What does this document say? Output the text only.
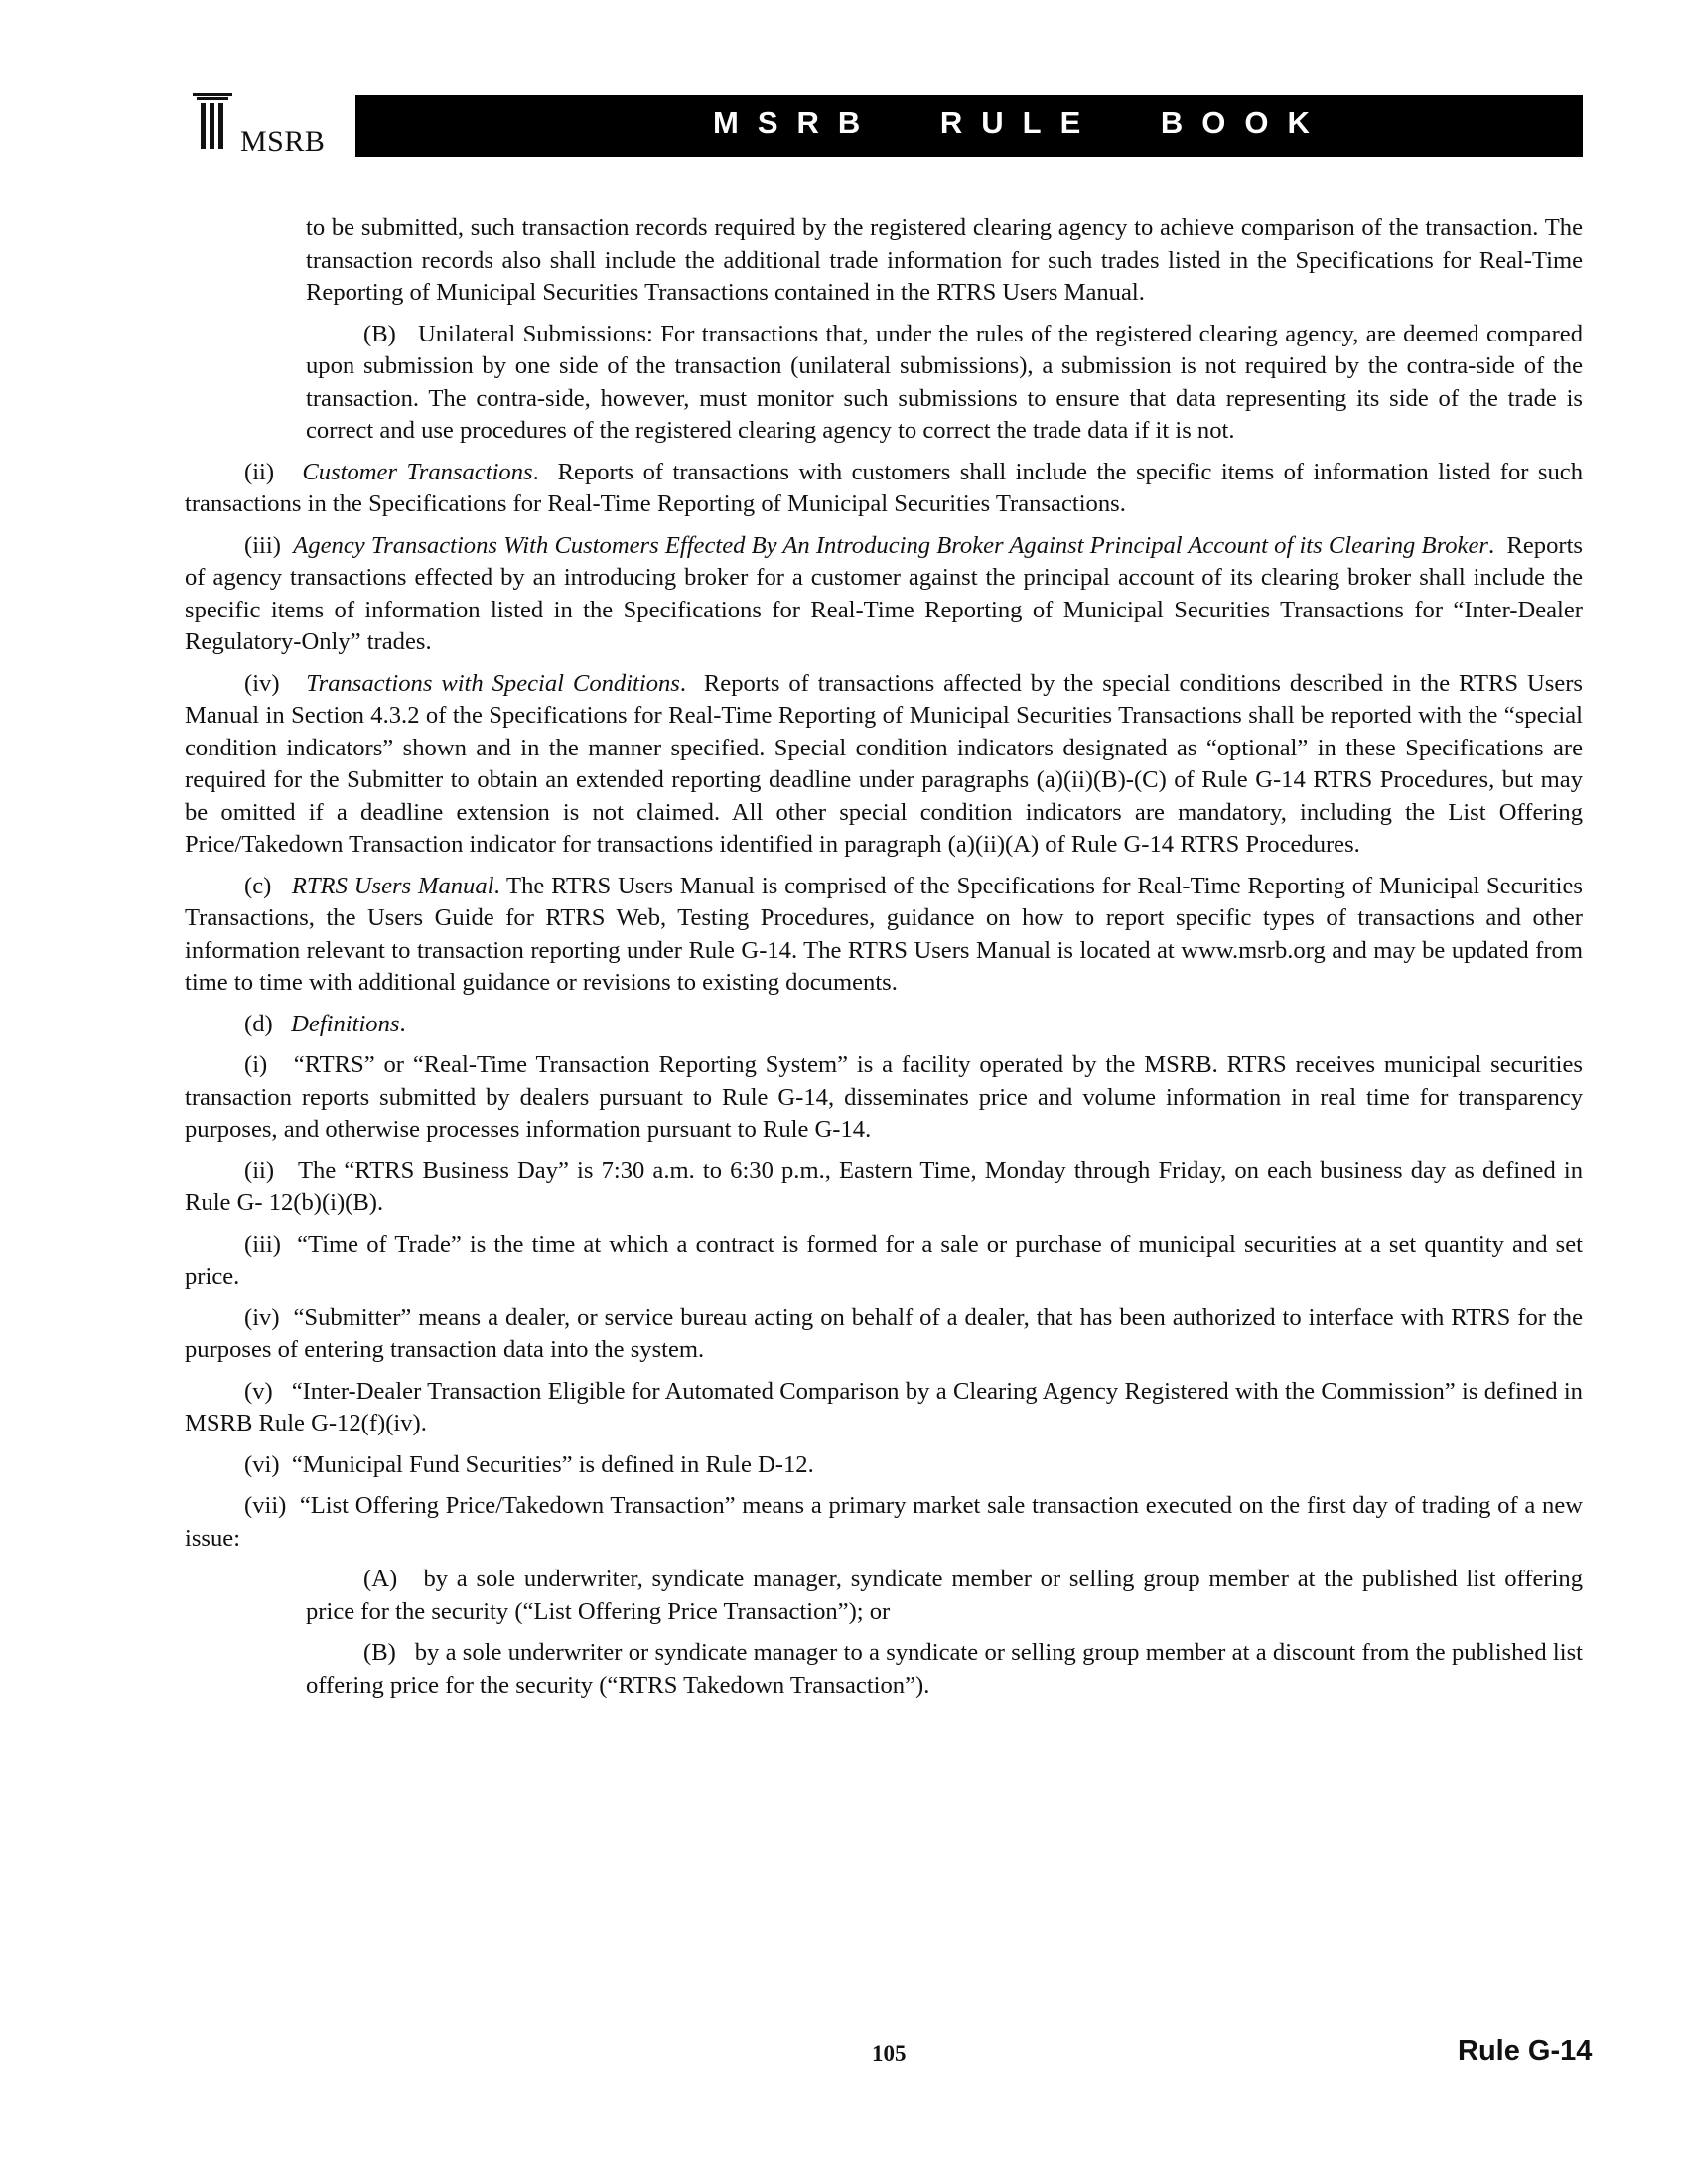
MSRB
MSRB RULE BOOK

to be submitted, such transaction records required by the registered clearing agency to achieve comparison of the transaction. The transaction records also shall include the additional trade information for such trades listed in the Specifications for Real-Time Reporting of Municipal Securities Transactions contained in the RTRS Users Manual.

(B) Unilateral Submissions: For transactions that, under the rules of the registered clearing agency, are deemed compared upon submission by one side of the transaction (unilateral submissions), a submission is not required by the contra-side of the transaction. The contra-side, however, must monitor such submissions to ensure that data representing its side of the trade is correct and use procedures of the registered clearing agency to correct the trade data if it is not.

(ii) Customer Transactions.  Reports of transactions with customers shall include the specific items of information listed for such transactions in the Specifications for Real-Time Reporting of Municipal Securities Transactions.

(iii) Agency Transactions With Customers Effected By An Introducing Broker Against Principal Account of its Clearing Broker.  Reports of agency transactions effected by an introducing broker for a customer against the principal account of its clearing broker shall include the specific items of information listed in the Specifications for Real-Time Reporting of Municipal Securities Transactions for “Inter-Dealer Regulatory-Only” trades.

(iv) Transactions with Special Conditions.  Reports of transactions affected by the special conditions described in the RTRS Users Manual in Section 4.3.2 of the Specifications for Real-Time Reporting of Municipal Securities Transactions shall be reported with the “special condition indicators” shown and in the manner specified. Special condition indicators designated as “optional” in these Specifications are required for the Submitter to obtain an extended reporting deadline under paragraphs (a)(ii)(B)-(C) of Rule G-14 RTRS Procedures, but may be omitted if a deadline extension is not claimed. All other special condition indicators are mandatory, including the List Offering Price/Takedown Transaction indicator for transactions identified in paragraph (a)(ii)(A) of Rule G-14 RTRS Procedures.

(c) RTRS Users Manual. The RTRS Users Manual is comprised of the Specifications for Real-Time Reporting of Municipal Securities Transactions, the Users Guide for RTRS Web, Testing Procedures, guidance on how to report specific types of transactions and other information relevant to transaction reporting under Rule G-14. The RTRS Users Manual is located at www.msrb.org and may be updated from time to time with additional guidance or revisions to existing documents.

(d) Definitions.

(i) “RTRS” or “Real-Time Transaction Reporting System” is a facility operated by the MSRB. RTRS receives municipal securities transaction reports submitted by dealers pursuant to Rule G-14, disseminates price and volume information in real time for transparency purposes, and otherwise processes information pursuant to Rule G-14.

(ii) The “RTRS Business Day” is 7:30 a.m. to 6:30 p.m., Eastern Time, Monday through Friday, on each business day as defined in Rule G- 12(b)(i)(B).

(iii) “Time of Trade” is the time at which a contract is formed for a sale or purchase of municipal securities at a set quantity and set price.

(iv) “Submitter” means a dealer, or service bureau acting on behalf of a dealer, that has been authorized to interface with RTRS for the purposes of entering transaction data into the system.

(v) “Inter-Dealer Transaction Eligible for Automated Comparison by a Clearing Agency Registered with the Commission” is defined in MSRB Rule G-12(f)(iv).

(vi) “Municipal Fund Securities” is defined in Rule D-12.

(vii) “List Offering Price/Takedown Transaction” means a primary market sale transaction executed on the first day of trading of a new issue:

(A) by a sole underwriter, syndicate manager, syndicate member or selling group member at the published list offering price for the security (“List Offering Price Transaction”); or

(B) by a sole underwriter or syndicate manager to a syndicate or selling group member at a discount from the published list offering price for the security (“RTRS Takedown Transaction”).

105	Rule G-14
